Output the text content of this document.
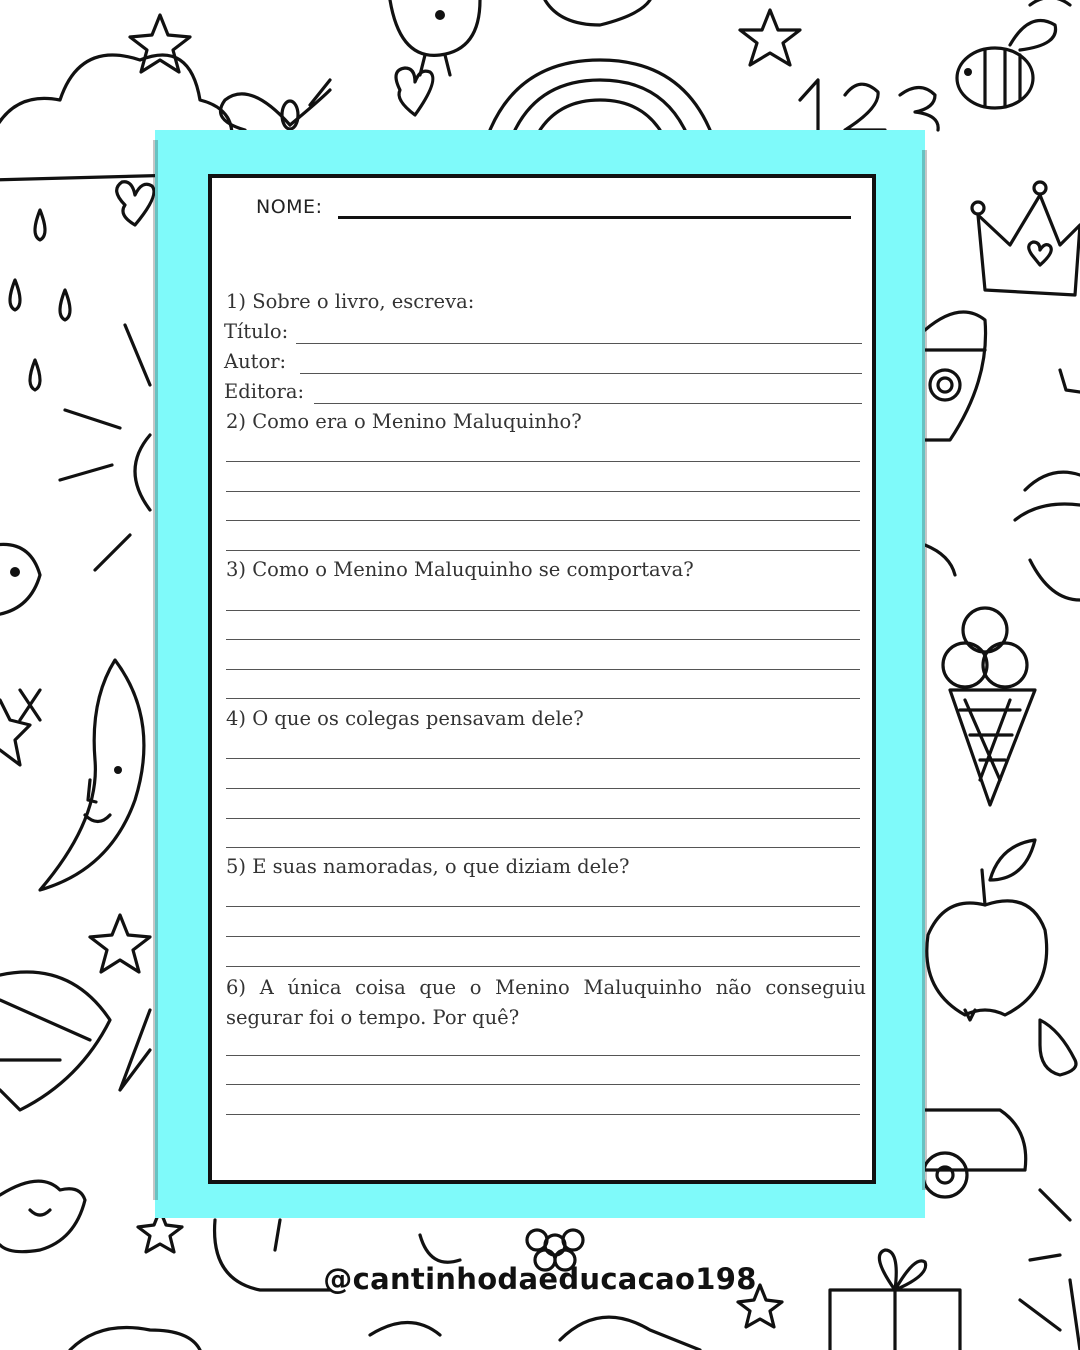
NOME:
1) Sobre o livro, escreva:
Título:
Autor:
Editora:
2) Como era o Menino Maluquinho?
3) Como o Menino Maluquinho se comportava?
4) O que os colegas pensavam dele?
5) E suas namoradas, o que diziam dele?
6) A única coisa que o Menino Maluquinho não conseguiu segurar foi o tempo. Por quê?
@cantinhodaeducacao198
